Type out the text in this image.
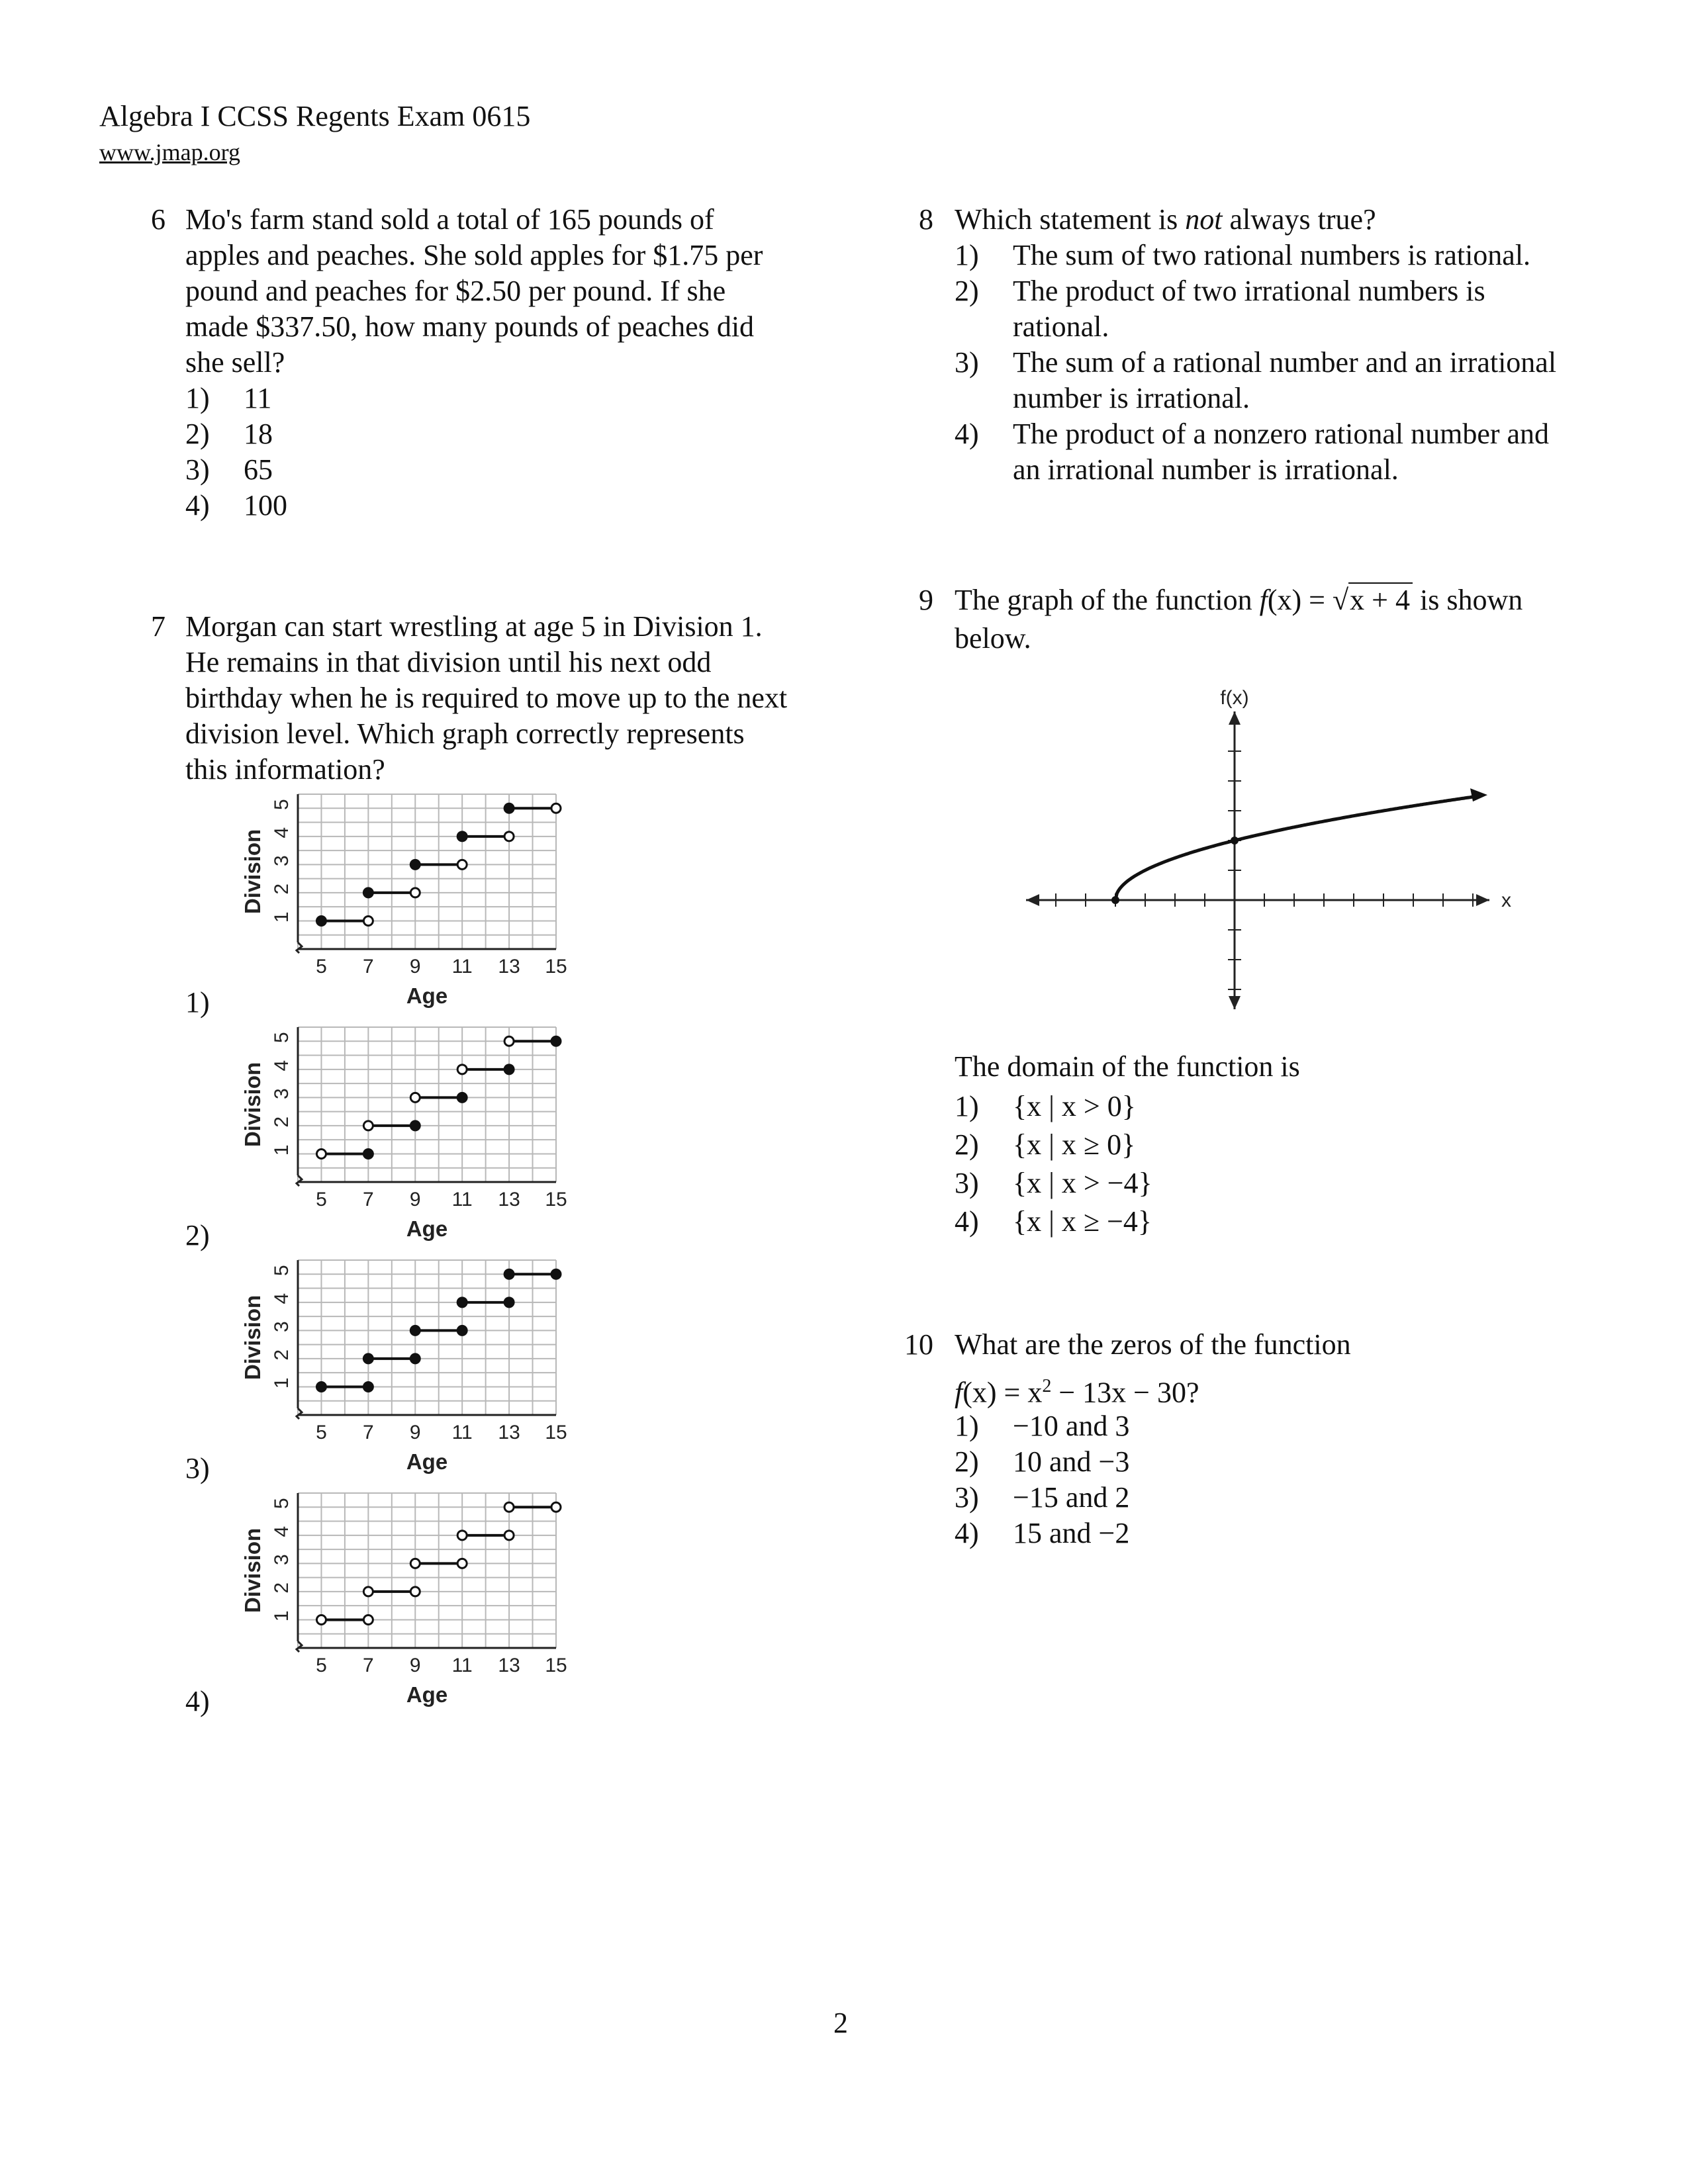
Algebra I CCSS Regents Exam 0615
www.jmap.org
6 Mo's farm stand sold a total of 165 pounds of
apples and peaches. She sold apples for $1.75 per
pound and peaches for $2.50 per pound. If she
made $337.50, how many pounds of peaches did
she sell?
1) 11
2) 18
3) 65
4) 100
7 Morgan can start wrestling at age 5 in Division 1.
He remains in that division until his next odd
birthday when he is required to move up to the next
division level. Which graph correctly represents
this information?
1)
2)
3)
4)
1
2
3
4
5
5 7 9 11 13 15
Division
Age
1
2
3
4
5
5 7 9 11 13 15
Division
Age
1
2
3
4
5
5 7 9 11 13 15
Division
Age
1
2
3
4
5
5 7 9 11 13 15
Division
Age
8 Which statement is not always true?
1) The sum of two rational numbers is rational.
2) The product of two irrational numbers is
rational.
3) The sum of a rational number and an irrational
number is irrational.
4) The product of a nonzero rational number and
an irrational number is irrational.
9 The graph of the function f(x) = √x + 4 is shown
below.
f(x)
x
The domain of the function is
1) {x | x > 0}
2) {x | x ≥ 0}
3) {x | x > −4}
4) {x | x ≥ −4}
10 What are the zeros of the function
$f(x) = x^2 - 13x - 30$?
1) −10 and 3
2) 10 and −3
3) −15 and 2
4) 15 and −2
2
